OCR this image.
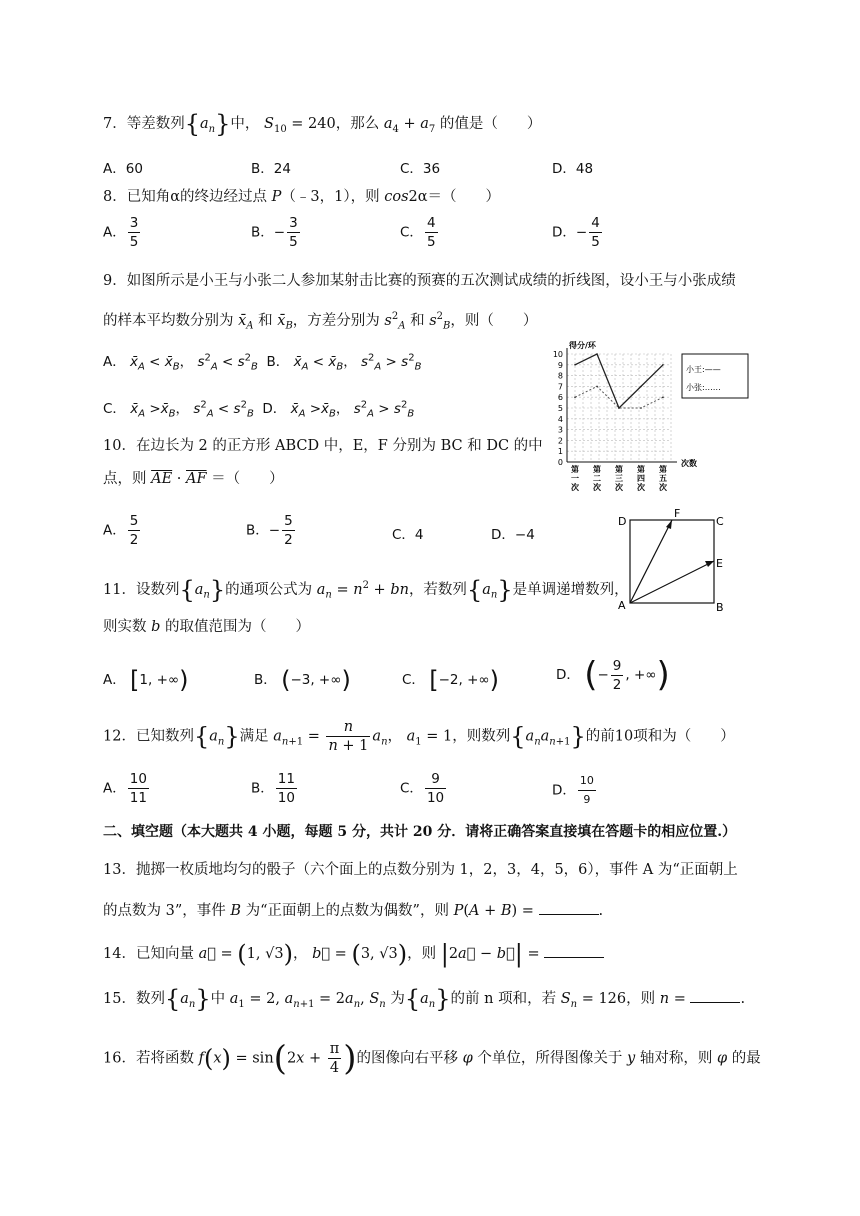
7．等差数列$\{a_n\}$中， $S_{10} = 240$，那么 $a_4 + a_7$ 的值是（　　）
A．60	B．24	C．36	D．48
8．已知角α的终边经过点 P（﹣3，1），则 cos2α＝（　　）
A． $\frac{3}{5}$	B．− $\frac{3}{5}$	C． $\frac{4}{5}$	D．− $\frac{4}{5}$
9．如图所示是小王与小张二人参加某射击比赛的预赛的五次测试成绩的折线图，设小王与小张成绩
的样本平均数分别为 $x̄_A$ 和 $x̄_B$，方差分别为 $s^2_A$ 和 $s^2_B$，则（　　）
A． $x̄_A$ < $x̄_B$， $s^2_A < s^2_B$  B． $x̄_A$ < $x̄_B$， $s^2_A > s^2_B$
C． $x̄_A$ $>x̄_B$， $s^2_A < s^2_B$  D． $x̄_A$ $>x̄_B$， $s^2_A > s^2_B$
0
1
2
3
4
5
6
7
8
9
10
得分/环
次数
第一次
第二次
第三次
第四次
第五次
小王:——
小张:……
10．在边长为 2 的正方形 ABCD 中，E，F 分别为 BC 和 DC 的中
点，则 $\overline{AE} \cdot \overline{AF}$ ＝（　　）
A． $\frac{5}{2}$	B．− $\frac{5}{2}$	C．4	D．−4
D	C
F
E
A	B
11．设数列$\{a_n\}$的通项公式为 $a_n = n^2$ + bn，若数列$\{a_n\}$是单调递增数列，
则实数 b 的取值范围为（　　）
A． [1, +∞)	B． (−3, +∞)	C． [−2, +∞)	D． (− $\frac{9}{2}$ , +∞)
12．已知数列$\{a_n\}$满足 $a_{n+1} = \frac{n}{n + 1} a_n$， $a_1 = 1$，则数列$\{a_na_{n+1}\}$的前10项和为（　　）
A． $\frac{10}{11}$	B． $\frac{11}{10}$	C． $\frac{9}{10}$	D． $\frac{10}{9}$
二、填空题（本大题共 4 小题，每题 5 分，共计 20 分．请将正确答案直接填在答题卡的相应位置.）
13．抛掷一枚质地均匀的骰子（六个面上的点数分别为 1，2，3，4，5，6），事件 A 为“正面朝上
的点数为 3”，事件 B 为“正面朝上的点数为偶数”，则 P(A + B) =	.
14．已知向量 a⃗ = (1, √3)， b⃗ = (3, √3)，则 |2a⃗ − b⃗| =
15．数列$\{a_n\}$中 $a_1 = 2$, $a_{n+1} = 2a_n$, $S_n$ 为$\{a_n\}$的前 n 项和，若 $S_n = 126$，则 n =	.
16．若将函数 $f(x) = \sin(2x + \frac{\pi}{4}$ )的图像向右平移 φ 个单位，所得图像关于 y 轴对称，则 φ 的最
